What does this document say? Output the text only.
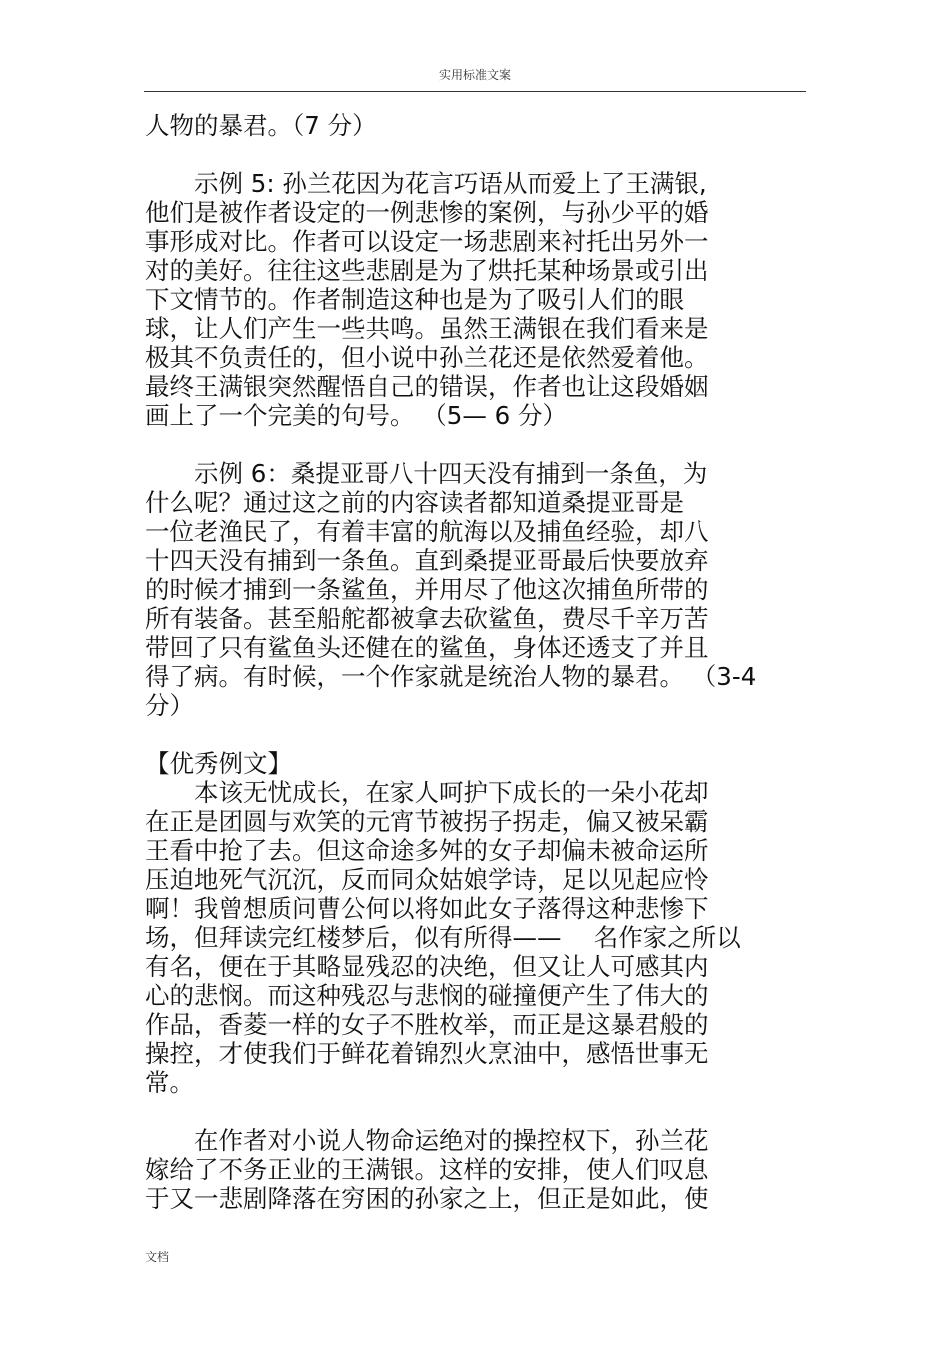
实用标准文案
人物的暴君。（7 分）
　　示例 5: 孙兰花因为花言巧语从而爱上了王满银,
他们是被作者设定的一例悲惨的案例，与孙少平的婚
事形成对比。作者可以设定一场悲剧来衬托出另外一
对的美好。往往这些悲剧是为了烘托某种场景或引出
下文情节的。作者制造这种也是为了吸引人们的眼
球，让人们产生一些共鸣。虽然王满银在我们看来是
极其不负责任的，但小说中孙兰花还是依然爱着他。
最终王满银突然醒悟自己的错误，作者也让这段婚姻
画上了一个完美的句号。 （5— 6 分）
　　示例 6：桑提亚哥八十四天没有捕到一条鱼，为
什么呢？通过这之前的内容读者都知道桑提亚哥是
一位老渔民了，有着丰富的航海以及捕鱼经验，却八
十四天没有捕到一条鱼。直到桑提亚哥最后快要放弃
的时候才捕到一条鲨鱼，并用尽了他这次捕鱼所带的
所有装备。甚至船舵都被拿去砍鲨鱼，费尽千辛万苦
带回了只有鲨鱼头还健在的鲨鱼，身体还透支了并且
得了病。有时候，一个作家就是统治人物的暴君。 （3-4
分）
【优秀例文】
　　本该无忧成长，在家人呵护下成长的一朵小花却
在正是团圆与欢笑的元宵节被拐子拐走，偏又被呆霸
王看中抢了去。但这命途多舛的女子却偏未被命运所
压迫地死气沉沉，反而同众姑娘学诗，足以见起应怜
啊！我曾想质问曹公何以将如此女子落得这种悲惨下
场，但拜读完红楼梦后，似有所得——　 名作家之所以
有名，便在于其略显残忍的决绝，但又让人可感其内
心的悲悯。而这种残忍与悲悯的碰撞便产生了伟大的
作品，香菱一样的女子不胜枚举，而正是这暴君般的
操控，才使我们于鲜花着锦烈火烹油中，感悟世事无
常。
　　在作者对小说人物命运绝对的操控权下，孙兰花
嫁给了不务正业的王满银。这样的安排，使人们叹息
于又一悲剧降落在穷困的孙家之上，但正是如此，使
文档
